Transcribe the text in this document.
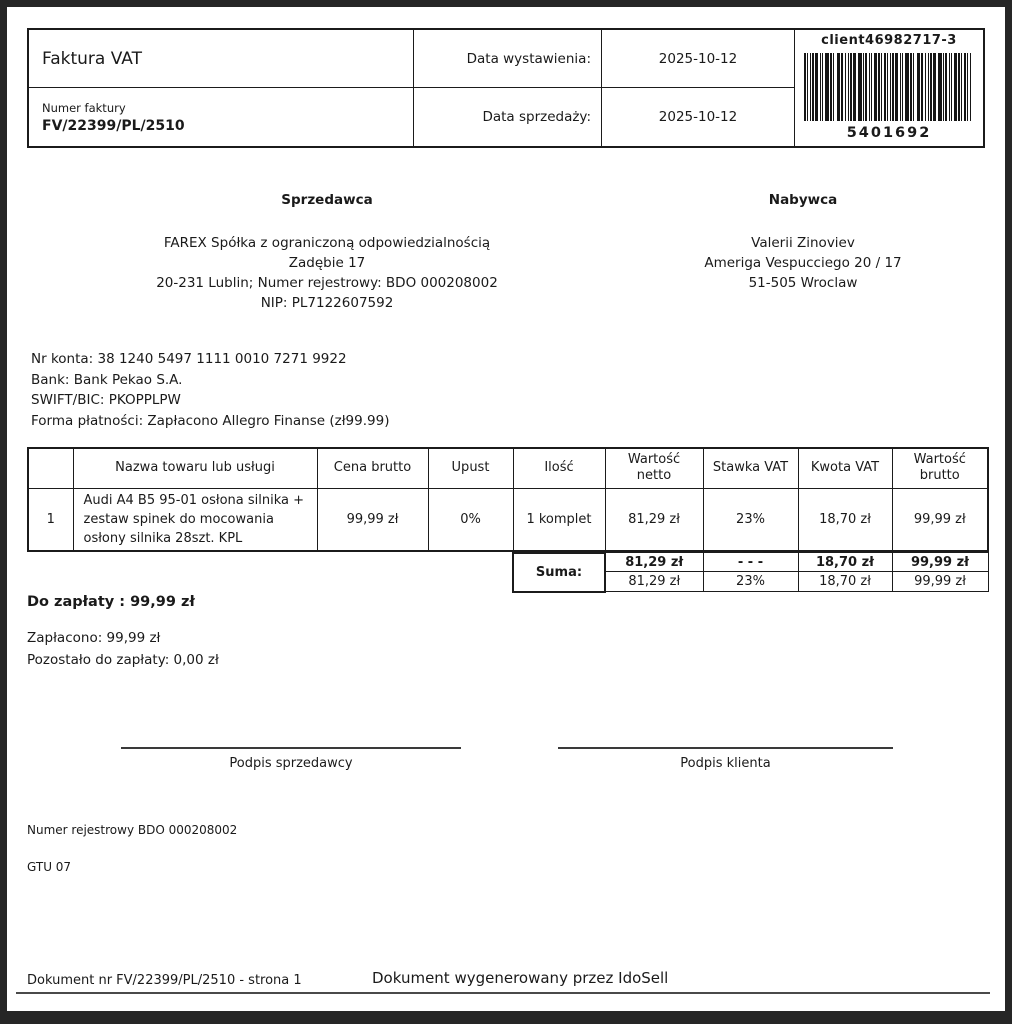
Faktura VAT	Data wystawienia:	2025-10-12
Numer faktury
FV/22399/PL/2510
Data sprzedaży:	2025-10-12
client46982717-3
5401692
Sprzedawca
FAREX Spółka z ograniczoną odpowiedzialnością
Zadębie 17
20-231 Lublin; Numer rejestrowy: BDO 000208002
NIP: PL7122607592
Nabywca
Valerii Zinoviev
Ameriga Vespucciego 20 / 17
51-505 Wroclaw
Nr konta: 38 1240 5497 1111 0010 7271 9922
Bank: Bank Pekao S.A.
SWIFT/BIC: PKOPPLPW
Forma płatności: Zapłacono Allegro Finanse (zł99.99)
	Nazwa towaru lub usługi	Cena brutto	Upust	Ilość	Wartość netto	Stawka VAT	Kwota VAT	Wartość brutto
1	Audi A4 B5 95-01 osłona silnika +
zestaw spinek do mocowania
osłony silnika 28szt. KPL	99,99 zł	0%	1 komplet	81,29 zł	23%	18,70 zł	99,99 zł
Suma:	81,29 zł	- - -	18,70 zł	99,99 zł
	81,29 zł	23%	18,70 zł	99,99 zł
Do zapłaty : 99,99 zł
Zapłacono: 99,99 zł
Pozostało do zapłaty: 0,00 zł
Podpis sprzedawcy	Podpis klienta
Numer rejestrowy BDO 000208002
GTU 07
Dokument nr FV/22399/PL/2510 - strona 1	Dokument wygenerowany przez IdoSell
